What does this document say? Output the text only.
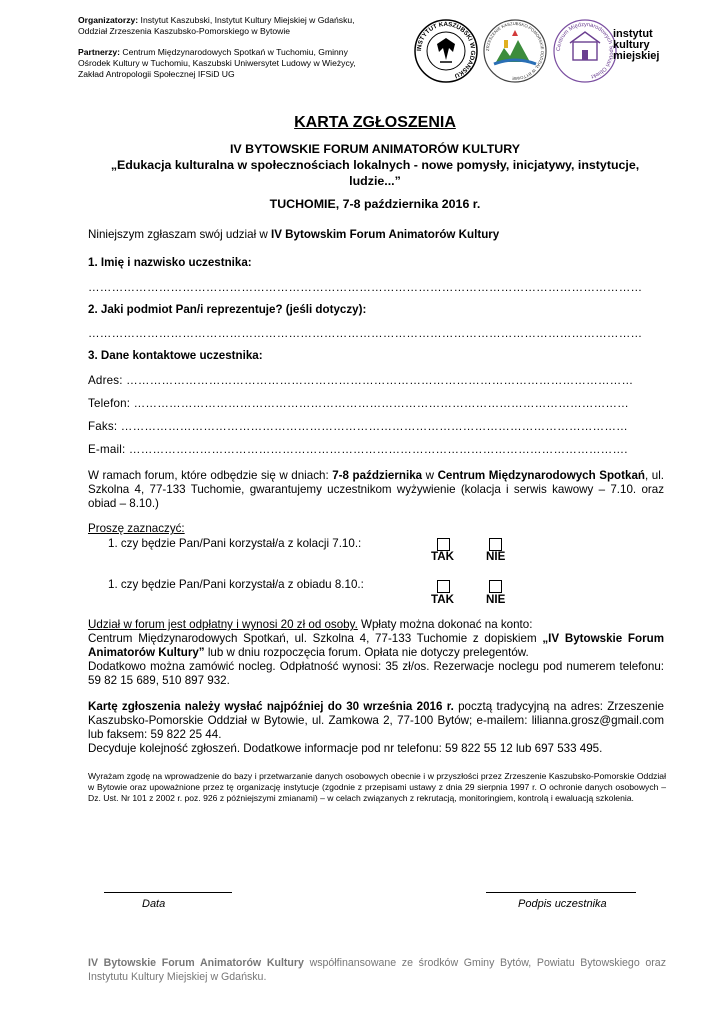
Organizatorzy: Instytut Kaszubski, Instytut Kultury Miejskiej w Gdańsku,
Oddział Zrzeszenia Kaszubsko-Pomorskiego w Bytowie
Partnerzy: Centrum Międzynarodowych Spotkań w Tuchomiu, Gminny
Ośrodek Kultury w Tuchomiu, Kaszubski Uniwersytet Ludowy w Wieżycy,
Zakład Antropologii Społecznej IFSiD UG
INSTYTUT KASZUBSKI W GDAŃSKU
ZRZESZENIE KASZUBSKO-POMORSKIE ODDZIAŁ W BYTOWIE
Centrum Międzynarodowych Spotkań Obiekt
instytut
kultury
miejskiej
KARTA ZGŁOSZENIA
IV BYTOWSKIE FORUM ANIMATORÓW KULTURY
„Edukacja kulturalna w społecznościach lokalnych - nowe pomysły, inicjatywy, instytucje,
ludzie...”
TUCHOMIE, 7-8 października 2016 r.
Niniejszym zgłaszam swój udział w IV Bytowskim Forum Animatorów Kultury
1. Imię i nazwisko uczestnika:
……………………………………………………………………………………………………………………………
2. Jaki podmiot Pan/i reprezentuje? (jeśli dotyczy):
……………………………………………………………………………………………………………………………
3. Dane kontaktowe uczestnika:
Adres: …………………………………………………………………………………………………………………
Telefon: ………………………………………………………………………………………………………………
Faks: …………………………………………………………………………………………………………………
E-mail: ……………………………………………………………………………………………………………….
W ramach forum, które odbędzie się w dniach: 7-8 października w Centrum Międzynarodowych Spotkań, ul. Szkolna 4, 77-133 Tuchomie, gwarantujemy uczestnikom wyżywienie (kolacja i serwis kawowy – 7.10. oraz obiad – 8.10.)
Proszę zaznaczyć:
1. czy będzie Pan/Pani korzystał/a z kolacji 7.10.:
TAK	NIE
1. czy będzie Pan/Pani korzystał/a z obiadu 8.10.:
TAK	NIE
Udział w forum jest odpłatny i wynosi 20 zł od osoby. Wpłaty można dokonać na konto:
Centrum Międzynarodowych Spotkań, ul. Szkolna 4, 77-133 Tuchomie z dopiskiem „IV Bytowskie Forum Animatorów Kultury” lub w dniu rozpoczęcia forum. Opłata nie dotyczy prelegentów.
Dodatkowo można zamówić nocleg. Odpłatność wynosi: 35 zł/os. Rezerwacje noclegu pod numerem telefonu: 59 82 15 689, 510 897 932.
Kartę zgłoszenia należy wysłać najpóźniej do 30 września 2016 r. pocztą tradycyjną na adres: Zrzeszenie Kaszubsko-Pomorskie Oddział w Bytowie, ul. Zamkowa 2, 77-100 Bytów; e-mailem: lilianna.grosz@gmail.com lub faksem: 59 822 25 44.
Decyduje kolejność zgłoszeń. Dodatkowe informacje pod nr telefonu: 59 822 55 12 lub 697 533 495.
Wyrażam zgodę na wprowadzenie do bazy i przetwarzanie danych osobowych obecnie i w przyszłości przez Zrzeszenie Kaszubsko-Pomorskie Oddział w Bytowie oraz upoważnione przez tę organizację instytucje (zgodnie z przepisami ustawy z dnia 29 sierpnia 1997 r. O ochronie danych osobowych – Dz. Ust. Nr 101 z 2002 r. poz. 926 z późniejszymi zmianami) – w celach związanych z rekrutacją, monitoringiem, kontrolą i ewaluacją szkolenia.
Data	Podpis uczestnika
IV Bytowskie Forum Animatorów Kultury współfinansowane ze środków Gminy Bytów, Powiatu Bytowskiego oraz Instytutu Kultury Miejskiej w Gdańsku.
